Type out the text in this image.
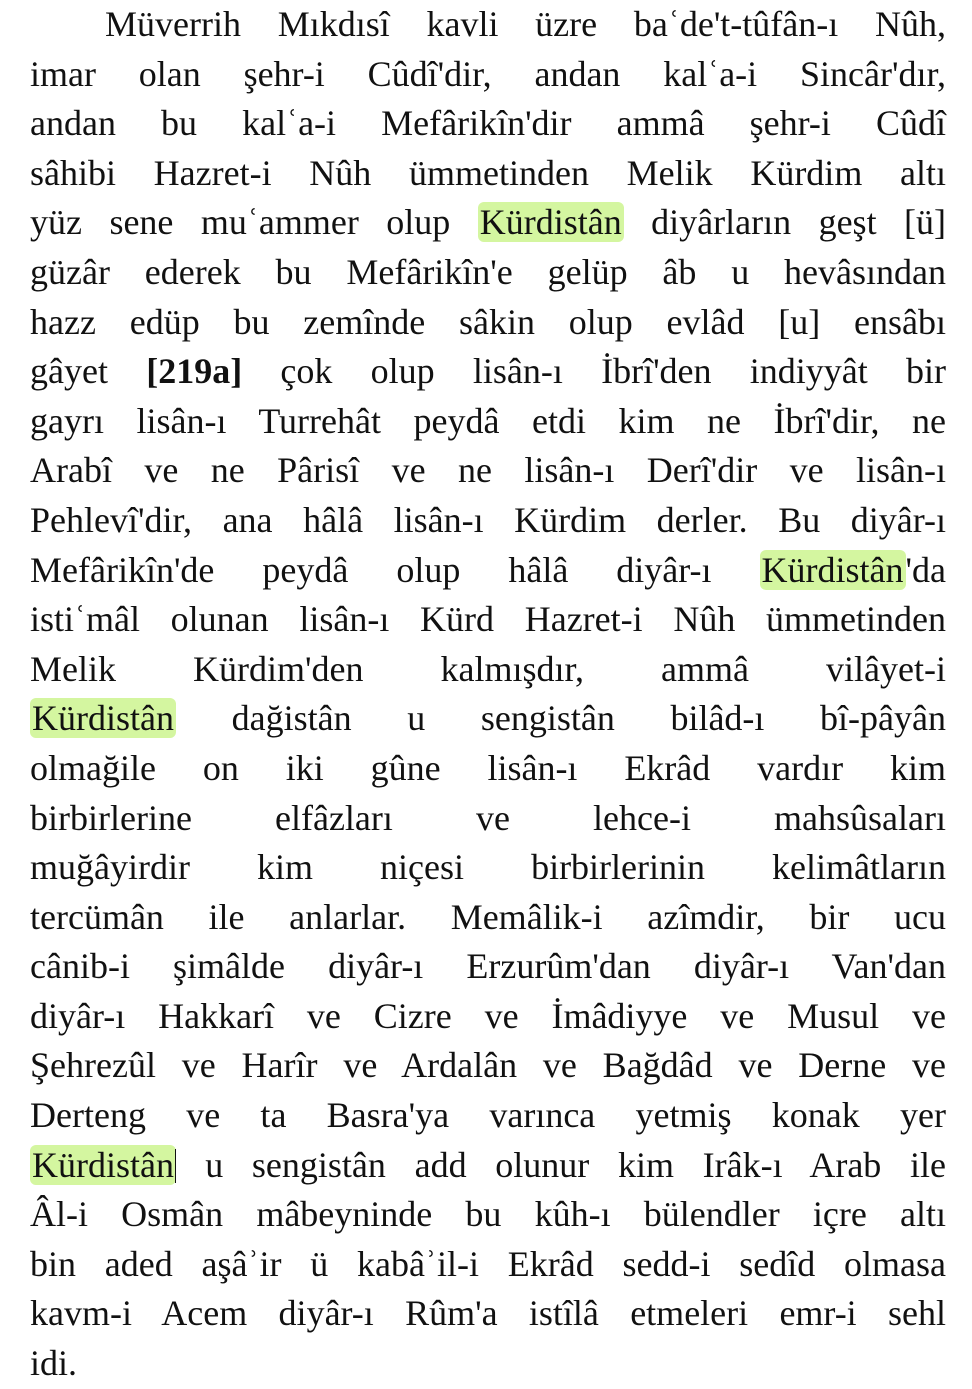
Müverrih Mıkdısî kavli üzre baʿde't-tûfân-ı Nûh,
imar olan şehr-i Cûdî'dir, andan kalʿa-i Sincâr'dır,
andan bu kalʿa-i Mefârikîn'dir ammâ şehr-i Cûdî
sâhibi Hazret-i Nûh ümmetinden Melik Kürdim altı
yüz sene muʿammer olup Kürdistân diyârların geşt [ü]
güzâr ederek bu Mefârikîn'e gelüp âb u hevâsından
hazz edüp bu zemînde sâkin olup evlâd [u] ensâbı
gâyet [219a] çok olup lisân-ı İbrî'den indiyyât bir
gayrı lisân-ı Turrehât peydâ etdi kim ne İbrî'dir, ne
Arabî ve ne Pârisî ve ne lisân-ı Derî'dir ve lisân-ı
Pehlevî'dir, ana hâlâ lisân-ı Kürdim derler. Bu diyâr-ı
Mefârikîn'de peydâ olup hâlâ diyâr-ı Kürdistân'da
istiʿmâl olunan lisân-ı Kürd Hazret-i Nûh ümmetinden
Melik Kürdim'den kalmışdır, ammâ vilâyet-i
Kürdistân dağistân u sengistân bilâd-ı bî-pâyân
olmağile on iki gûne lisân-ı Ekrâd vardır kim
birbirlerine elfâzları ve lehce-i mahsûsaları
muğâyirdir kim niçesi birbirlerinin kelimâtların
tercümân ile anlarlar. Memâlik-i azîmdir, bir ucu
cânib-i şimâlde diyâr-ı Erzurûm'dan diyâr-ı Van'dan
diyâr-ı Hakkarî ve Cizre ve İmâdiyye ve Musul ve
Şehrezûl ve Harîr ve Ardalân ve Bağdâd ve Derne ve
Derteng ve ta Basra'ya varınca yetmiş konak yer
Kürdistân u sengistân add olunur kim Irâk-ı Arab ile
Âl-i Osmân mâbeyninde bu kûh-ı bülendler içre altı
bin aded aşâʾir ü kabâʾil-i Ekrâd sedd-i sedîd olmasa
kavm-i Acem diyâr-ı Rûm'a istîlâ etmeleri emr-i sehl
idi.
